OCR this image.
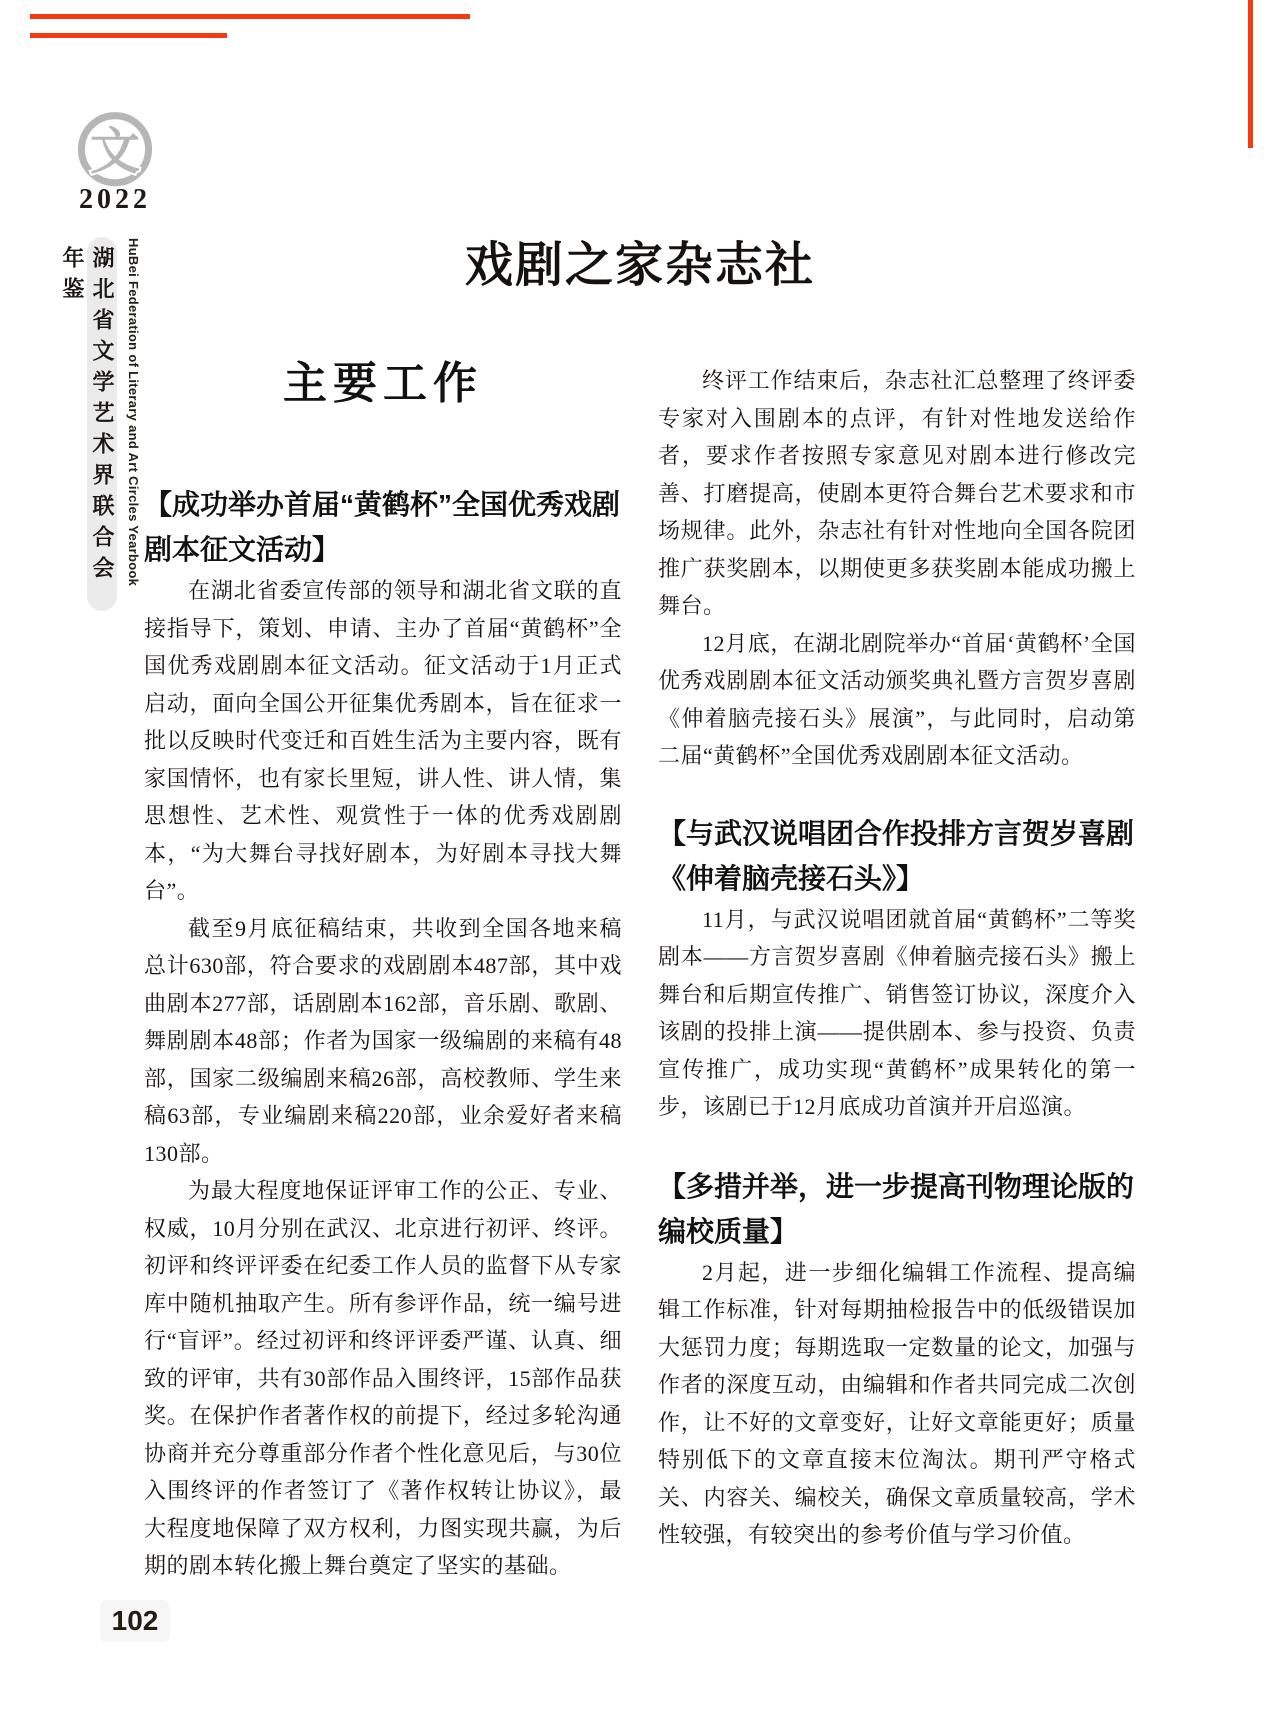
文
2022
湖北省文学艺术界联合会年鉴	HuBei Federation of Literary and Art Circles Yearbook	戏剧之家杂志社
主要工作
【成功举办首届“黄鹤杯”全国优秀戏剧剧本征文活动】

在湖北省委宣传部的领导和湖北省文联的直接指导下，策划、申请、主办了首届“黄鹤杯”全国优秀戏剧剧本征文活动。征文活动于1月正式启动，面向全国公开征集优秀剧本，旨在征求一批以反映时代变迁和百姓生活为主要内容，既有家国情怀，也有家长里短，讲人性、讲人情，集思想性、艺术性、观赏性于一体的优秀戏剧剧本，“为大舞台寻找好剧本，为好剧本寻找大舞台”。

截至9月底征稿结束，共收到全国各地来稿总计630部，符合要求的戏剧剧本487部，其中戏曲剧本277部，话剧剧本162部，音乐剧、歌剧、舞剧剧本48部；作者为国家一级编剧的来稿有48部，国家二级编剧来稿26部，高校教师、学生来稿63部，专业编剧来稿220部，业余爱好者来稿130部。

为最大程度地保证评审工作的公正、专业、权威，10月分别在武汉、北京进行初评、终评。初评和终评评委在纪委工作人员的监督下从专家库中随机抽取产生。所有参评作品，统一编号进行“盲评”。经过初评和终评评委严谨、认真、细致的评审，共有30部作品入围终评，15部作品获奖。在保护作者著作权的前提下，经过多轮沟通协商并充分尊重部分作者个性化意见后，与30位入围终评的作者签订了《著作权转让协议》，最大程度地保障了双方权利，力图实现共赢，为后期的剧本转化搬上舞台奠定了坚实的基础。

终评工作结束后，杂志社汇总整理了终评委专家对入围剧本的点评，有针对性地发送给作者，要求作者按照专家意见对剧本进行修改完善、打磨提高，使剧本更符合舞台艺术要求和市场规律。此外，杂志社有针对性地向全国各院团推广获奖剧本，以期使更多获奖剧本能成功搬上舞台。

12月底，在湖北剧院举办“首届‘黄鹤杯’全国优秀戏剧剧本征文活动颁奖典礼暨方言贺岁喜剧《伸着脑壳接石头》展演”，与此同时，启动第二届“黄鹤杯”全国优秀戏剧剧本征文活动。

【与武汉说唱团合作投排方言贺岁喜剧《伸着脑壳接石头》】

11月，与武汉说唱团就首届“黄鹤杯”二等奖剧本——方言贺岁喜剧《伸着脑壳接石头》搬上舞台和后期宣传推广、销售签订协议，深度介入该剧的投排上演——提供剧本、参与投资、负责宣传推广，成功实现“黄鹤杯”成果转化的第一步，该剧已于12月底成功首演并开启巡演。

【多措并举，进一步提高刊物理论版的编校质量】

2月起，进一步细化编辑工作流程、提高编辑工作标准，针对每期抽检报告中的低级错误加大惩罚力度；每期选取一定数量的论文，加强与作者的深度互动，由编辑和作者共同完成二次创作，让不好的文章变好，让好文章能更好；质量特别低下的文章直接末位淘汰。期刊严守格式关、内容关、编校关，确保文章质量较高，学术性较强，有较突出的参考价值与学习价值。

102
